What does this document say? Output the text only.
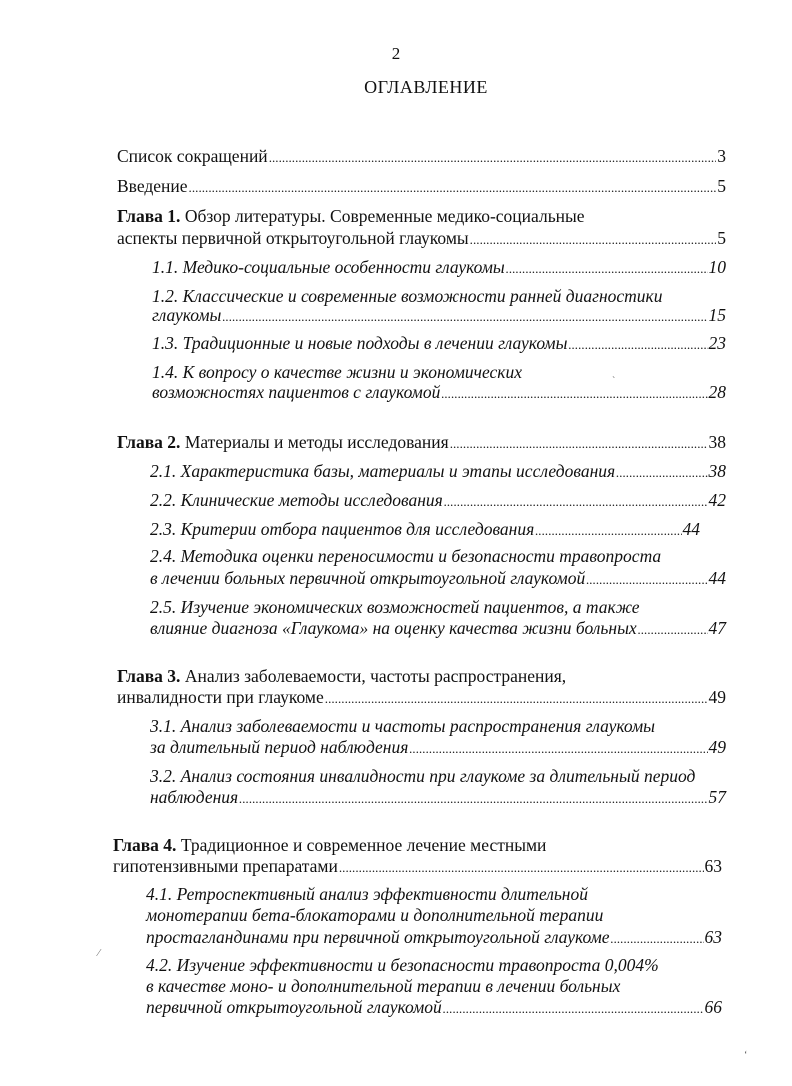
2
ОГЛАВЛЕНИЕ
Список сокращений . . .	3
Введение . . .	5
Глава 1. Обзор литературы. Современные медико-социальные
аспекты первичной открытоугольной глаукомы . . .	5
1.1. Медико-социальные особенности глаукомы . . .	10
1.2. Классические и современные возможности ранней диагностики
глаукомы . . .	15
1.3. Традиционные и новые подходы в лечении глаукомы . . .	23
1.4. К вопросу о качестве жизни и экономических
возможностях пациентов с глаукомой . . .	28
Глава 2. Материалы и методы исследования . . .	38
2.1. Характеристика базы, материалы и этапы исследования . . .	38
2.2. Клинические методы исследования . . .	42
2.3. Критерии отбора пациентов для исследования . . .	44
2.4. Методика оценки переносимости и безопасности травопроста
в лечении больных первичной открытоугольной глаукомой . . .	44
2.5. Изучение экономических возможностей пациентов, а также
влияние диагноза «Глаукома» на оценку качества жизни больных . . .	47
Глава 3. Анализ заболеваемости, частоты распространения,
инвалидности при глаукоме . . .	49
3.1. Анализ заболеваемости и частоты распространения глаукомы
за длительный период наблюдения . . .	49
3.2. Анализ состояния инвалидности при глаукоме за длительный период
наблюдения . . .	57
Глава 4. Традиционное и современное лечение местными
гипотензивными препаратами . . .	63
4.1. Ретроспективный анализ эффективности длительной
монотерапии бета-блокаторами и дополнительной терапии
простагландинами при первичной открытоугольной глаукоме . . .	63
4.2. Изучение эффективности и безопасности травопроста 0,004%
в качестве моно- и дополнительной терапии в лечении больных
первичной открытоугольной глаукомой . . .	66
⁄
ˋ
ʻ
